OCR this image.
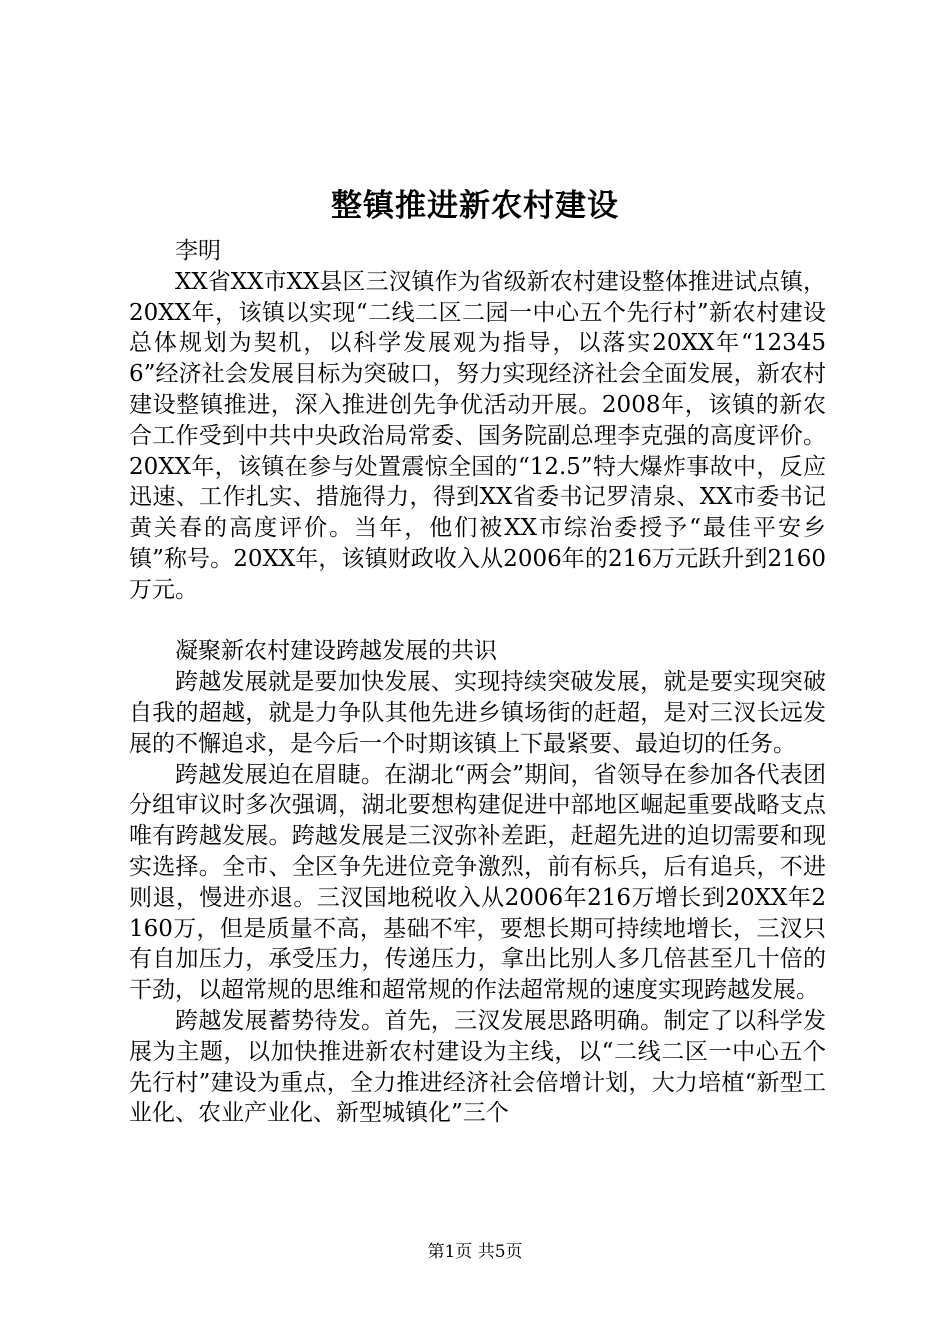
整镇推进新农村建设

李明

XX省XX市XX县区三汊镇作为省级新农村建设整体推进试点镇，20XX年，该镇以实现“二线二区二园一中心五个先行村”新农村建设总体规划为契机，以科学发展观为指导，以落实20XX年“123456”经济社会发展目标为突破口，努力实现经济社会全面发展，新农村建设整镇推进，深入推进创先争优活动开展。2008年，该镇的新农合工作受到中共中央政治局常委、国务院副总理李克强的高度评价。20XX年，该镇在参与处置震惊全国的“12.5”特大爆炸事故中，反应迅速、工作扎实、措施得力，得到XX省委书记罗清泉、XX市委书记黄关春的高度评价。当年，他们被XX市综治委授予“最佳平安乡镇”称号。20XX年，该镇财政收入从2006年的216万元跃升到2160万元。

凝聚新农村建设跨越发展的共识

跨越发展就是要加快发展、实现持续突破发展，就是要实现突破自我的超越，就是力争队其他先进乡镇场街的赶超，是对三汊长远发展的不懈追求，是今后一个时期该镇上下最紧要、最迫切的任务。

跨越发展迫在眉睫。在湖北“两会”期间，省领导在参加各代表团分组审议时多次强调，湖北要想构建促进中部地区崛起重要战略支点唯有跨越发展。跨越发展是三汊弥补差距，赶超先进的迫切需要和现实选择。全市、全区争先进位竞争激烈，前有标兵，后有追兵，不进则退，慢进亦退。三汊国地税收入从2006年216万增长到20XX年2160万，但是质量不高，基础不牢，要想长期可持续地增长，三汊只有自加压力，承受压力，传递压力，拿出比别人多几倍甚至几十倍的干劲，以超常规的思维和超常规的作法超常规的速度实现跨越发展。

跨越发展蓄势待发。首先，三汊发展思路明确。制定了以科学发展为主题，以加快推进新农村建设为主线，以“二线二区一中心五个先行村”建设为重点，全力推进经济社会倍增计划，大力培植“新型工业化、农业产业化、新型城镇化”三个

第1页 共5页
